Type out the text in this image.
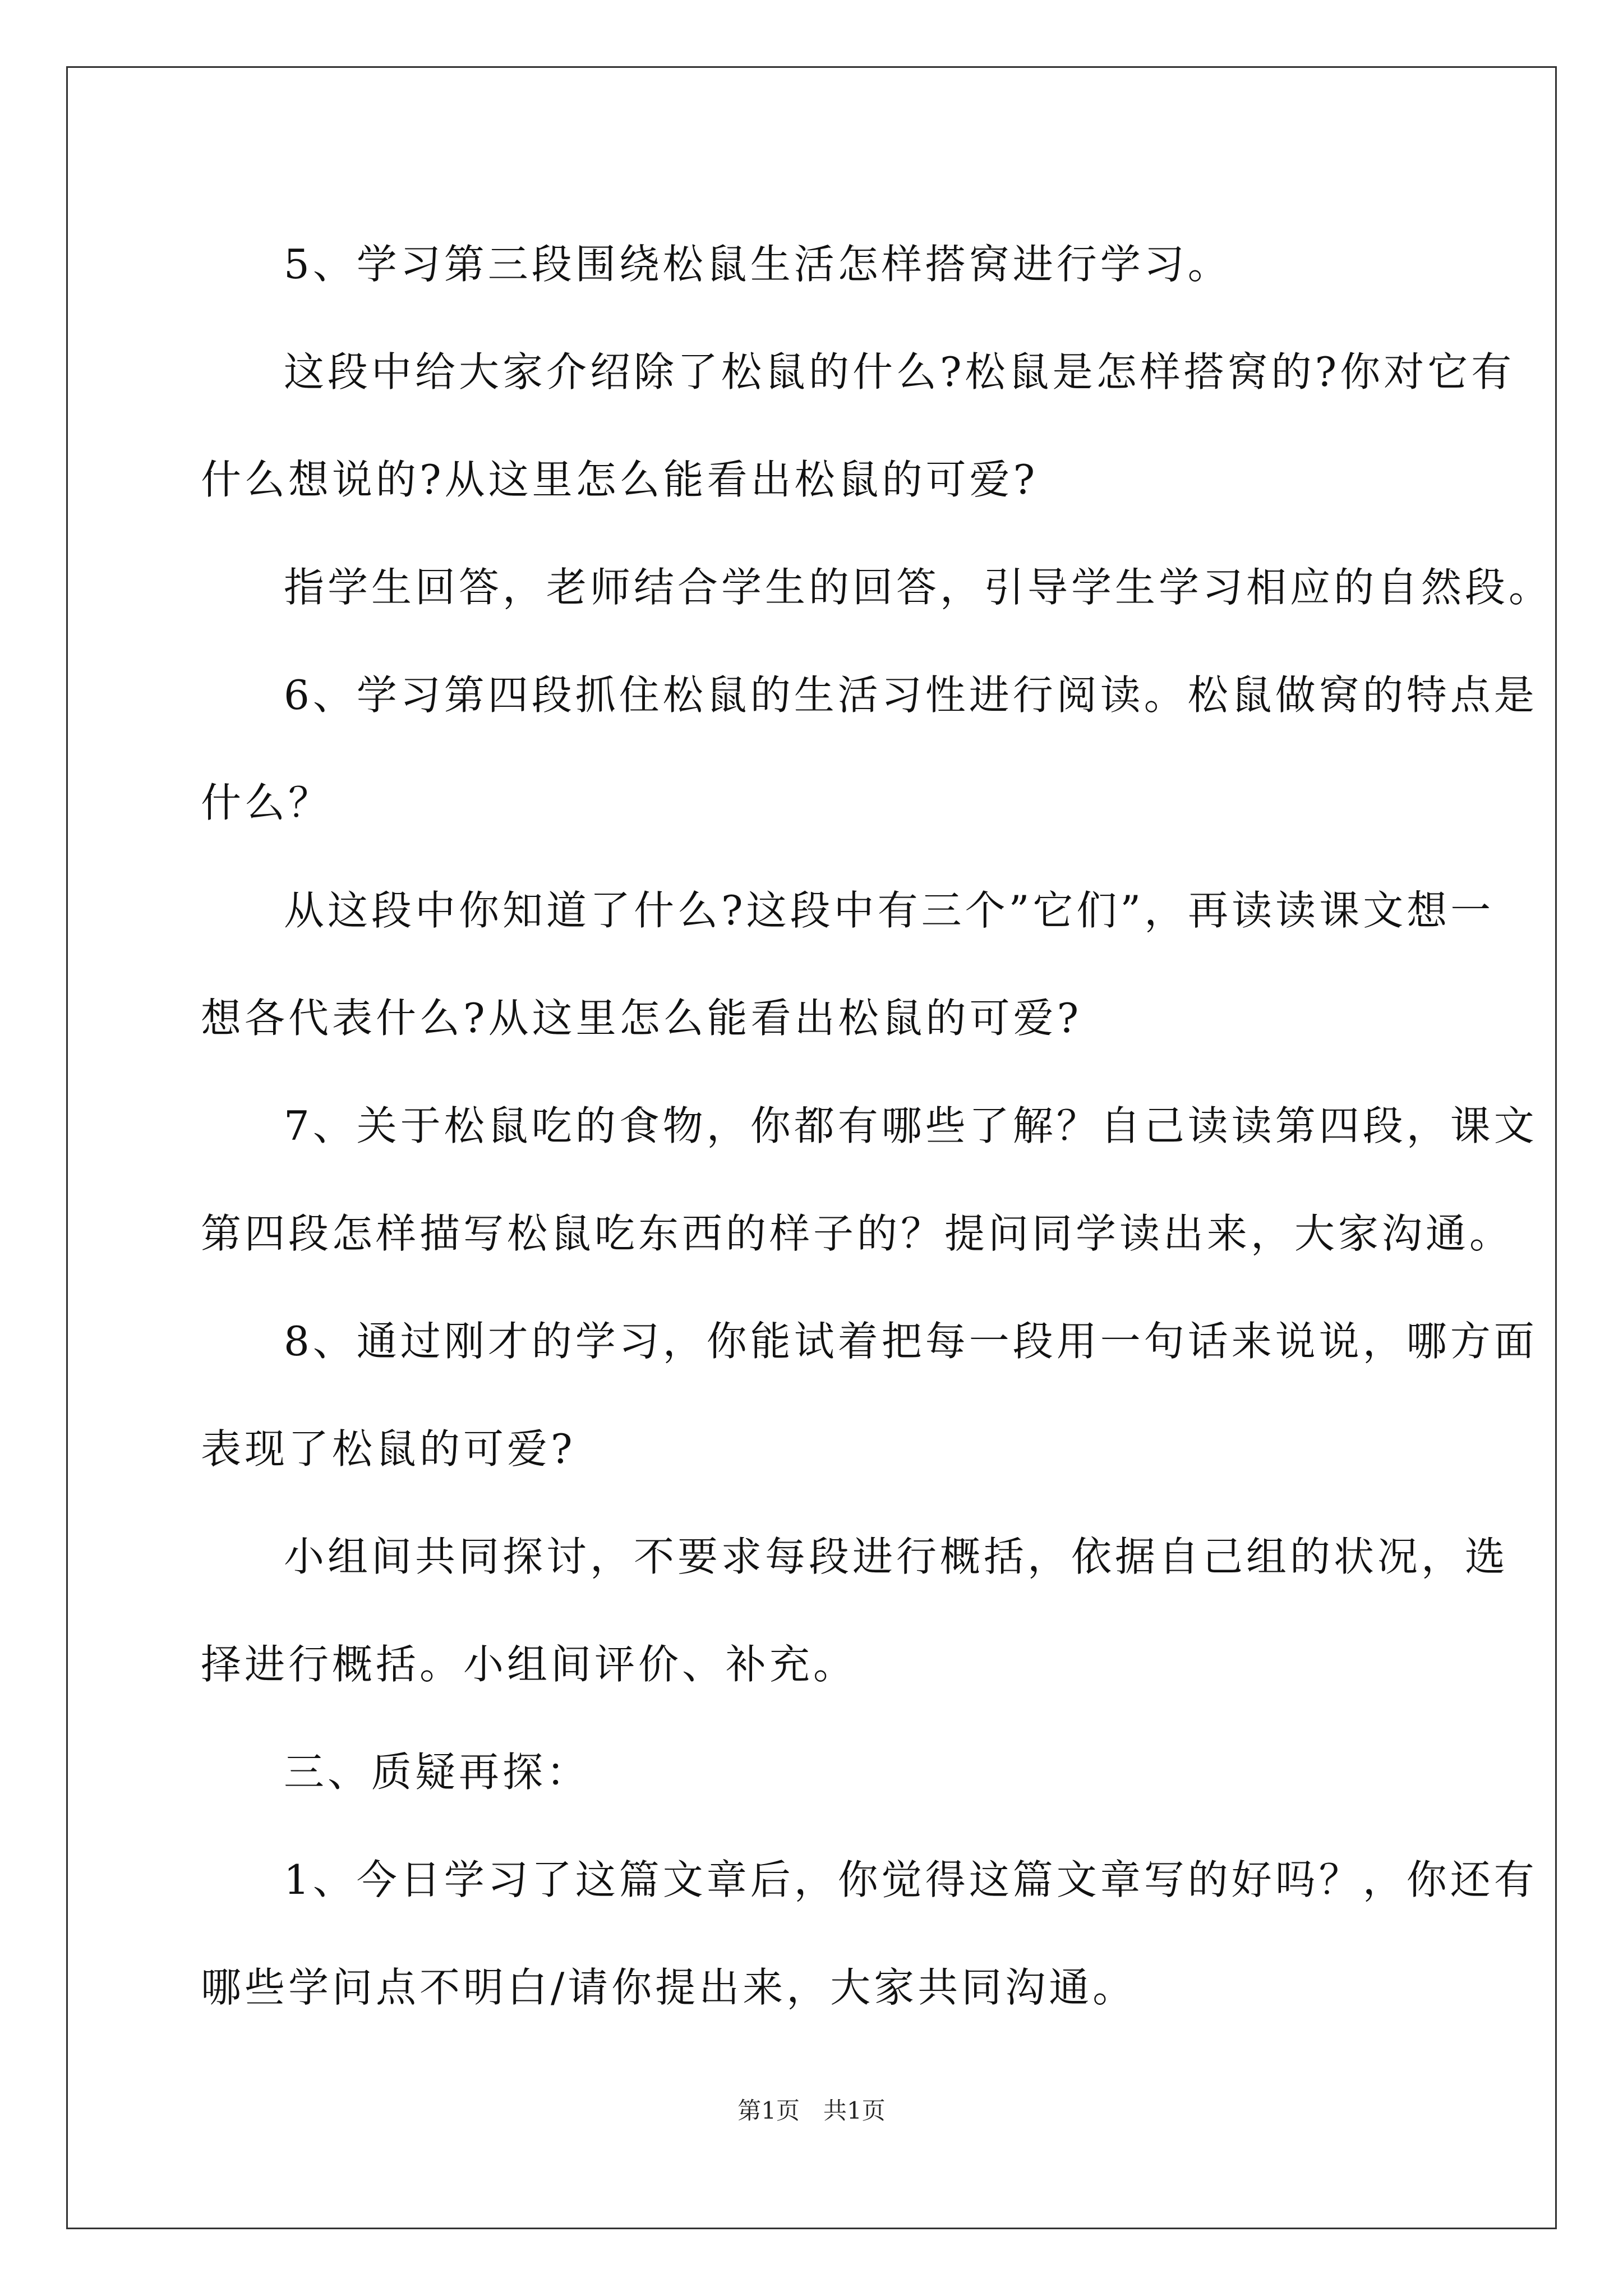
5、学习第三段围绕松鼠生活怎样搭窝进行学习。

这段中给大家介绍除了松鼠的什么?松鼠是怎样搭窝的?你对它有

什么想说的?从这里怎么能看出松鼠的可爱?

指学生回答，老师结合学生的回答，引导学生学习相应的自然段。

6、学习第四段抓住松鼠的生活习性进行阅读。松鼠做窝的特点是

什么？

从这段中你知道了什么?这段中有三个”它们”，再读读课文想一

想各代表什么?从这里怎么能看出松鼠的可爱?

7、关于松鼠吃的食物，你都有哪些了解？自己读读第四段，课文

第四段怎样描写松鼠吃东西的样子的？提问同学读出来，大家沟通。

8、通过刚才的学习，你能试着把每一段用一句话来说说，哪方面

表现了松鼠的可爱?

小组间共同探讨，不要求每段进行概括，依据自己组的状况，选

择进行概括。小组间评价、补充。

三、质疑再探：

1、今日学习了这篇文章后，你觉得这篇文章写的好吗？，你还有

哪些学问点不明白/请你提出来，大家共同沟通。

第1页　共1页
